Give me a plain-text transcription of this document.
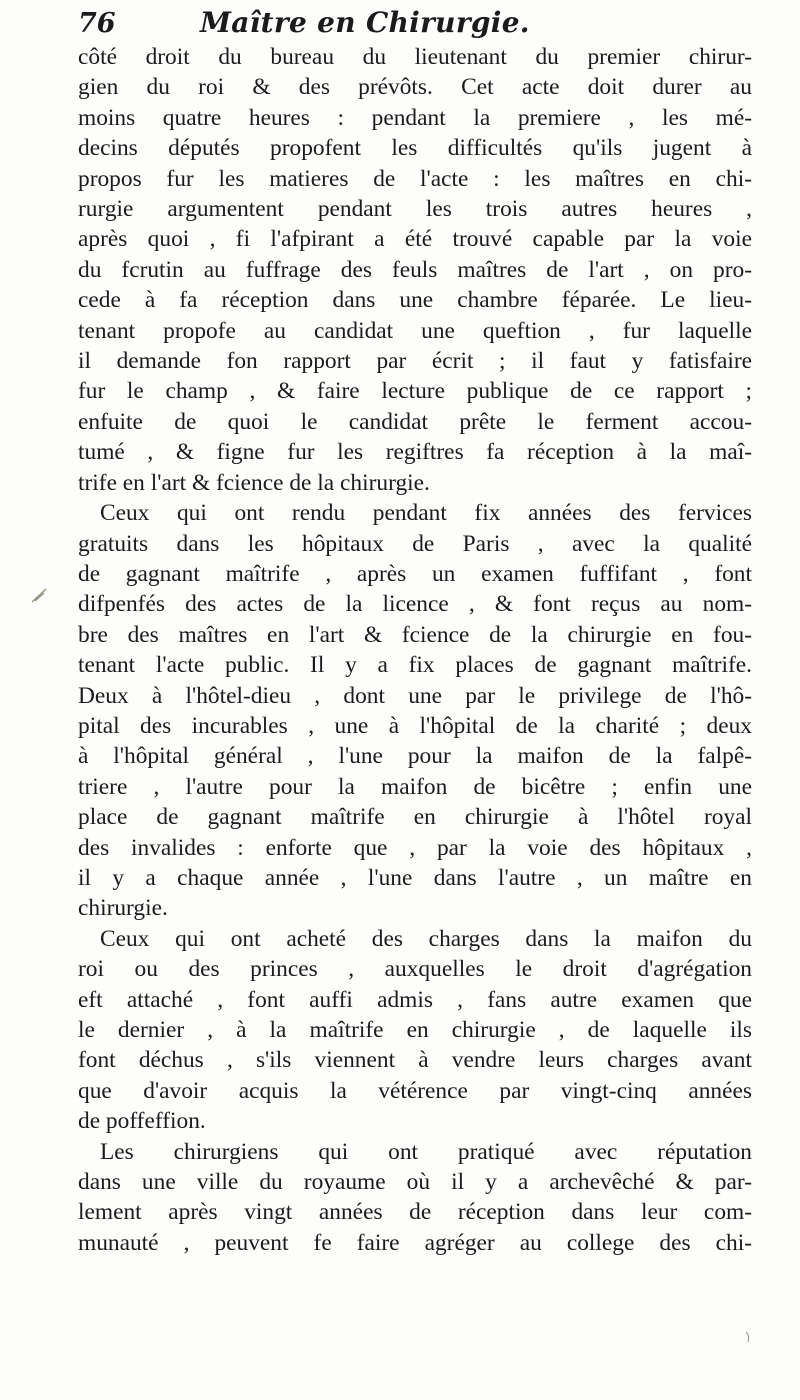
76	Maître en Chirurgie.

côté droit du bureau du lieutenant du premier chirur-
gien du roi & des prévôts. Cet acte doit durer au
moins quatre heures : pendant la premiere , les mé-
decins députés propofent les difficultés qu'ils jugent à
propos fur les matieres de l'acte : les maîtres en chi-
rurgie argumentent pendant les trois autres heures ,
après quoi , fi l'afpirant a été trouvé capable par la voie
du fcrutin au fuffrage des feuls maîtres de l'art , on pro-
cede à fa réception dans une chambre féparée. Le lieu-
tenant propofe au candidat une queftion , fur laquelle
il demande fon rapport par écrit ; il faut y fatisfaire
fur le champ , & faire lecture publique de ce rapport ;
enfuite de quoi le candidat prête le ferment accou-
tumé , & figne fur les regiftres fa réception à la maî-
trife en l'art & fcience de la chirurgie.

Ceux qui ont rendu pendant fix années des fervices
gratuits dans les hôpitaux de Paris , avec la qualité
de gagnant maîtrife , après un examen fuffifant , font
difpenfés des actes de la licence , & font reçus au nom-
bre des maîtres en l'art & fcience de la chirurgie en fou-
tenant l'acte public. Il y a fix places de gagnant maîtrife.
Deux à l'hôtel-dieu , dont une par le privilege de l'hô-
pital des incurables , une à l'hôpital de la charité ; deux
à l'hôpital général , l'une pour la maifon de la falpê-
triere , l'autre pour la maifon de bicêtre ; enfin une
place de gagnant maîtrife en chirurgie à l'hôtel royal
des invalides : enforte que , par la voie des hôpitaux ,
il y a chaque année , l'une dans l'autre , un maître en
chirurgie.

Ceux qui ont acheté des charges dans la maifon du
roi ou des princes , auxquelles le droit d'agrégation
eft attaché , font auffi admis , fans autre examen que
le dernier , à la maîtrife en chirurgie , de laquelle ils
font déchus , s'ils viennent à vendre leurs charges avant
que d'avoir acquis la vétérence par vingt-cinq années
de poffeffion.

Les chirurgiens qui ont pratiqué avec réputation
dans une ville du royaume où il y a archevêché & par-
lement après vingt années de réception dans leur com-
munauté , peuvent fe faire agréger au college des chi-
